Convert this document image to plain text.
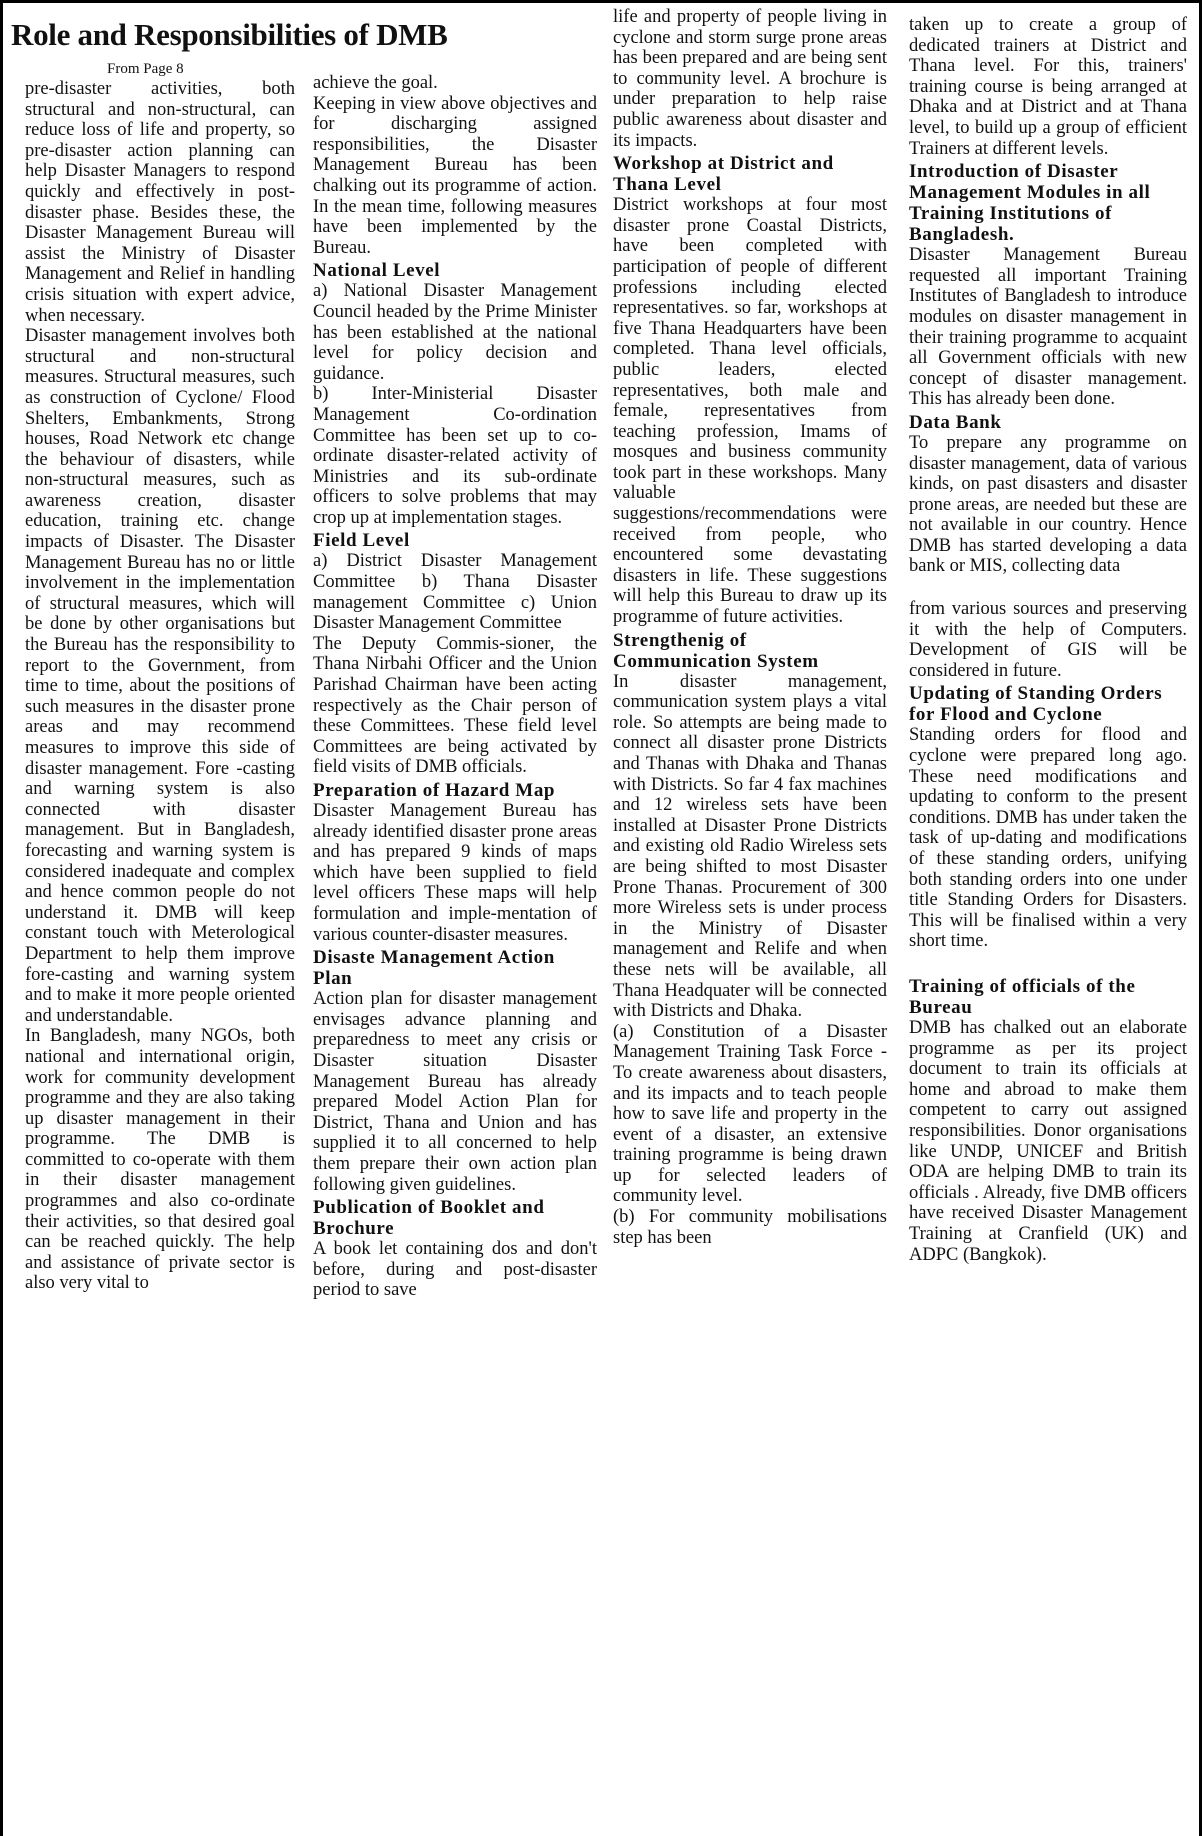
Role and Responsibilities of DMB
From Page 8

pre-disaster activities, both structural and non-structural, can reduce loss of life and property, so pre-disaster action planning can help Disaster Managers to respond quickly and effectively in post-disaster phase. Besides these, the Disaster Management Bureau will assist the Ministry of Disaster Management and Relief in handling crisis situation with expert advice, when necessary.

Disaster management involves both structural and non-structural measures. Structural measures, such as construction of Cyclone/ Flood Shelters, Embankments, Strong houses, Road Network etc change the behaviour of disasters, while non-structural measures, such as awareness creation, disaster education, training etc. change impacts of Disaster. The Disaster Management Bureau has no or little involvement in the implementation of structural measures, which will be done by other organisations but the Bureau has the responsibility to report to the Government, from time to time, about the positions of such measures in the disaster prone areas and may recommend measures to improve this side of disaster management. Fore -casting and warning system is also connected with disaster management. But in Bangladesh, forecasting and warning system is considered inadequate and complex and hence common people do not understand it. DMB will keep constant touch with Meterological Department to help them improve fore-casting and warning system and to make it more people oriented and understandable.

In Bangladesh, many NGOs, both national and international origin, work for community development programme and they are also taking up disaster management in their programme. The DMB is committed to co-operate with them in their disaster management programmes and also co-ordinate their activities, so that desired goal can be reached quickly. The help and assistance of private sector is also very vital to

achieve the goal.

Keeping in view above objectives and for discharging assigned responsibilities, the Disaster Management Bureau has been chalking out its programme of action. In the mean time, following measures have been implemented by the Bureau.

National Level

a) National Disaster Management Council headed by the Prime Minister has been established at the national level for policy decision and guidance.

b) Inter-Ministerial Disaster Management Co-ordination Committee has been set up to co-ordinate disaster-related activity of Ministries and its sub-ordinate officers to solve problems that may crop up at implementation stages.

Field Level

a) District Disaster Management Committee b) Thana Disaster management Committee c) Union Disaster Management Committee

The Deputy Commis-sioner, the Thana Nirbahi Officer and the Union Parishad Chairman have been acting respectively as the Chair person of these Committees. These field level Committees are being activated by field visits of DMB officials.

Preparation of Hazard Map

Disaster Management Bureau has already identified disaster prone areas and has prepared 9 kinds of maps which have been supplied to field level officers These maps will help formulation and imple-mentation of various counter-disaster measures.

Disaste Management Action Plan

Action plan for disaster management envisages advance planning and preparedness to meet any crisis or Disaster situation Disaster Management Bureau has already prepared Model Action Plan for District, Thana and Union and has supplied it to all concerned to help them prepare their own action plan following given guidelines.

Publication of Booklet and Brochure

A book let containing dos and don't before, during and post-disaster period to save

life and property of people living in cyclone and storm surge prone areas has been prepared and are being sent to community level. A brochure is under preparation to help raise public awareness about disaster and its impacts.

Workshop at District and Thana Level

District workshops at four most disaster prone Coastal Districts, have been completed with participation of people of different professions including elected representatives. so far, workshops at five Thana Headquarters have been completed. Thana level officials, public leaders, elected representatives, both male and female, representatives from teaching profession, Imams of mosques and business community took part in these workshops. Many valuable suggestions/recommendations were received from people, who encountered some devastating disasters in life. These suggestions will help this Bureau to draw up its programme of future activities.

Strengthenig of Communication System

In disaster management, communication system plays a vital role. So attempts are being made to connect all disaster prone Districts and Thanas with Dhaka and Thanas with Districts. So far 4 fax machines and 12 wireless sets have been installed at Disaster Prone Districts and existing old Radio Wireless sets are being shifted to most Disaster Prone Thanas. Procurement of 300 more Wireless sets is under process in the Ministry of Disaster management and Relife and when these nets will be available, all Thana Headquater will be connected with Districts and Dhaka.

(a) Constitution of a Disaster Management Training Task Force - To create awareness about disasters, and its impacts and to teach people how to save life and property in the event of a disaster, an extensive training programme is being drawn up for selected leaders of community level.

(b) For community mobilisations step has been

taken up to create a group of dedicated trainers at District and Thana level. For this, trainers' training course is being arranged at Dhaka and at District and at Thana level, to build up a group of efficient Trainers at different levels.

Introduction of Disaster Management Modules in all Training Institutions of Bangladesh.

Disaster Management Bureau requested all important Training Institutes of Bangladesh to introduce modules on disaster management in their training programme to acquaint all Government officials with new concept of disaster management. This has already been done.

Data Bank

To prepare any programme on disaster management, data of various kinds, on past disasters and disaster prone areas, are needed but these are not available in our country. Hence DMB has started developing a data bank or MIS, collecting data

from various sources and preserving it with the help of Computers. Development of GIS will be considered in future.

Updating of Standing Orders for Flood and Cyclone

Standing orders for flood and cyclone were prepared long ago. These need modifications and updating to conform to the present conditions. DMB has under taken the task of up-dating and modifications of these standing orders, unifying both standing orders into one under title Standing Orders for Disasters. This will be finalised within a very short time.

Training of officials of the Bureau

DMB has chalked out an elaborate programme as per its project document to train its officials at home and abroad to make them competent to carry out assigned responsibilities. Donor organisations like UNDP, UNICEF and British ODA are helping DMB to train its officials . Already, five DMB officers have received Disaster Management Training at Cranfield (UK) and ADPC (Bangkok).
